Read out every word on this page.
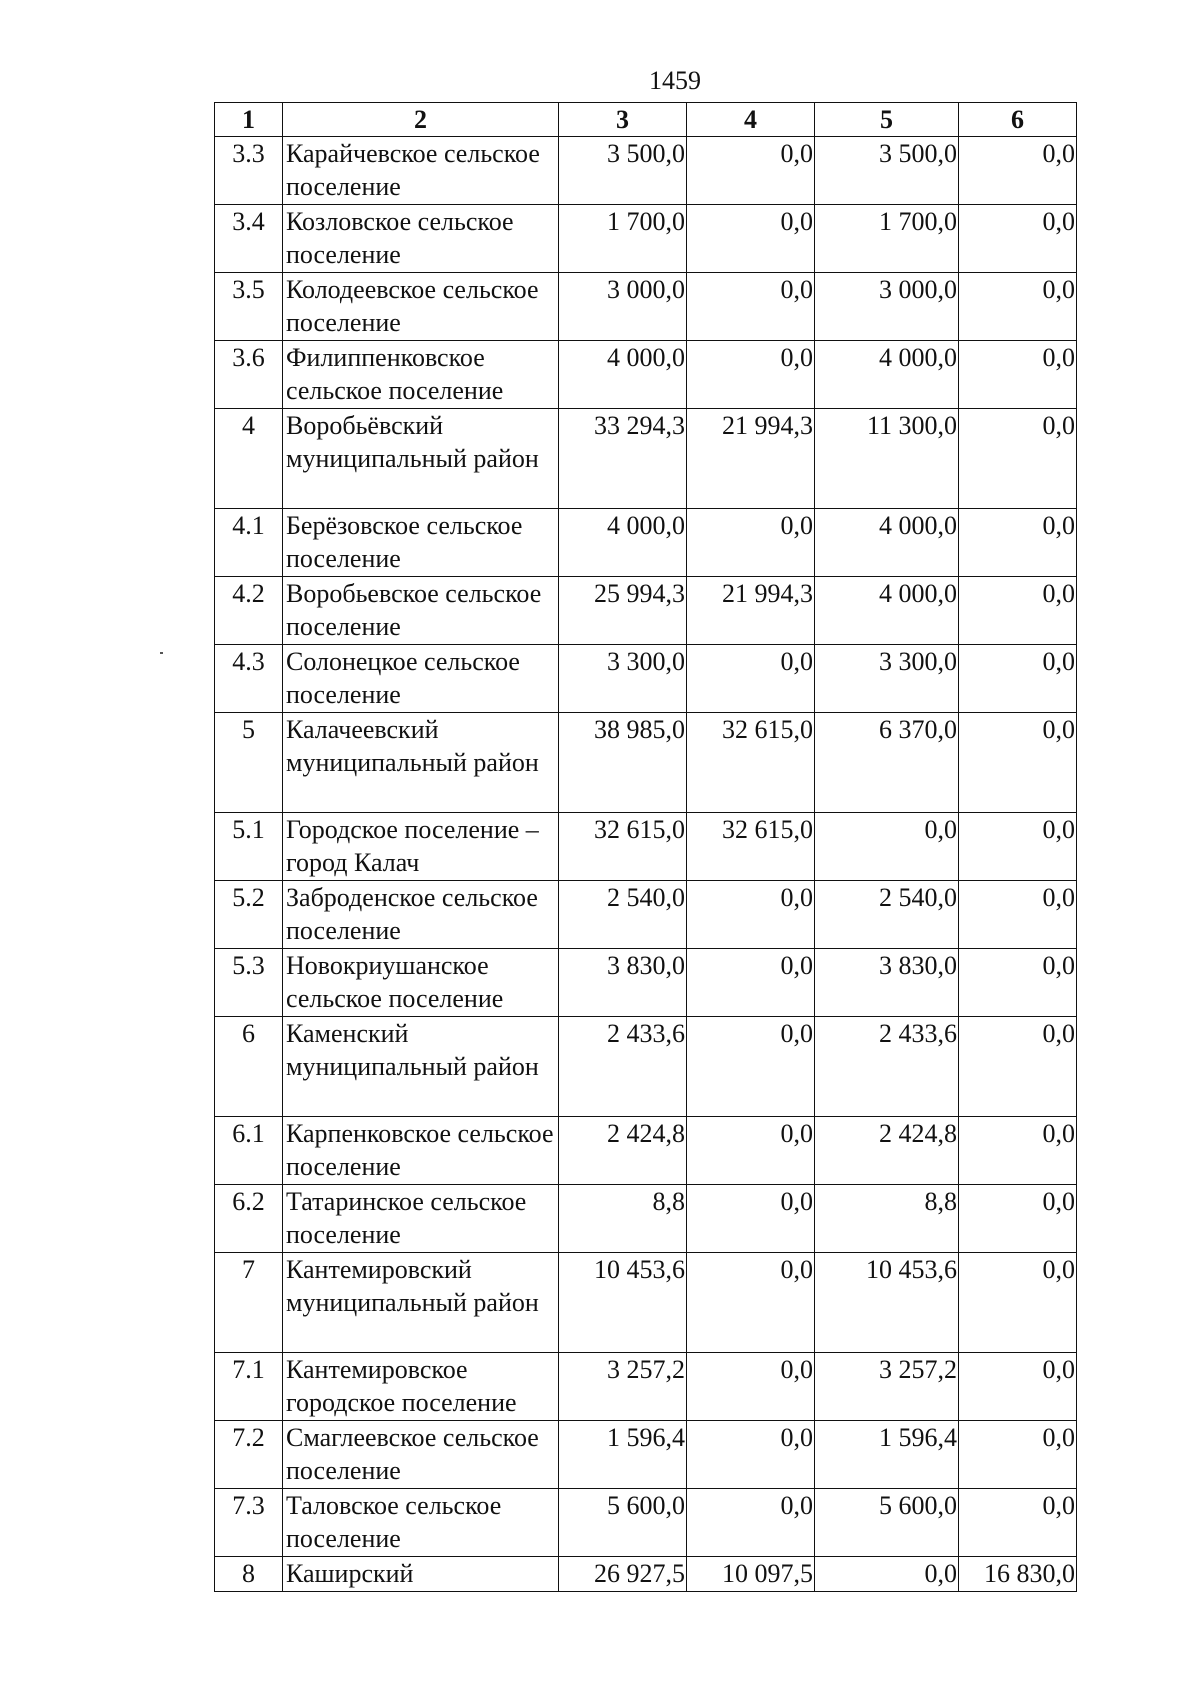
1459
1	2	3	4	5	6
3.3	Карайчевское сельское поселение	3 500,0	0,0	3 500,0	0,0
3.4	Козловское сельское поселение	1 700,0	0,0	1 700,0	0,0
3.5	Колодеевское сельское поселение	3 000,0	0,0	3 000,0	0,0
3.6	Филиппенковское сельское поселение	4 000,0	0,0	4 000,0	0,0
4	Воробьёвский муниципальный район	33 294,3	21 994,3	11 300,0	0,0
4.1	Берёзовское сельское поселение	4 000,0	0,0	4 000,0	0,0
4.2	Воробьевское сельское поселение	25 994,3	21 994,3	4 000,0	0,0
4.3	Солонецкое сельское поселение	3 300,0	0,0	3 300,0	0,0
5	Калачеевский муниципальный район	38 985,0	32 615,0	6 370,0	0,0
5.1	Городское поселение – город Калач	32 615,0	32 615,0	0,0	0,0
5.2	Заброденское сельское поселение	2 540,0	0,0	2 540,0	0,0
5.3	Новокриушанское сельское поселение	3 830,0	0,0	3 830,0	0,0
6	Каменский муниципальный район	2 433,6	0,0	2 433,6	0,0
6.1	Карпенковское сельское поселение	2 424,8	0,0	2 424,8	0,0
6.2	Татаринское сельское поселение	8,8	0,0	8,8	0,0
7	Кантемировский муниципальный район	10 453,6	0,0	10 453,6	0,0
7.1	Кантемировское городское поселение	3 257,2	0,0	3 257,2	0,0
7.2	Смаглеевское сельское поселение	1 596,4	0,0	1 596,4	0,0
7.3	Таловское сельское поселение	5 600,0	0,0	5 600,0	0,0
8	Каширский	26 927,5	10 097,5	0,0	16 830,0
